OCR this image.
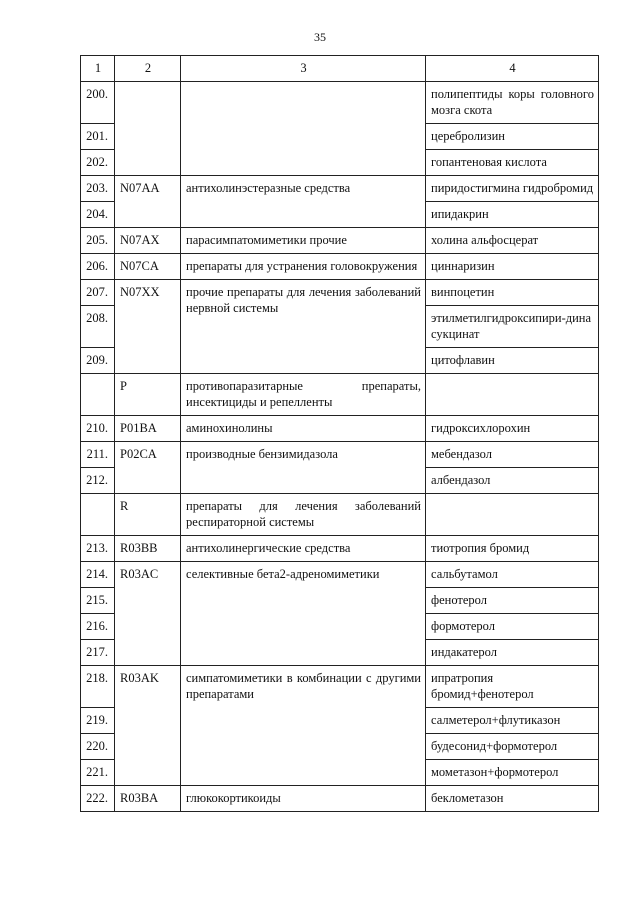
35
1	2	3	4
200.			полипептиды коры головного мозга скота
201.			церебролизин
202.			гопантеновая кислота
203.	N07AA	антихолинэстеразные средства	пиридостигмина гидробромид
204.			ипидакрин
205.	N07AX	парасимпатомиметики прочие	холина альфосцерат
206.	N07CA	препараты для устранения головокружения	циннаризин
207.	N07XX	прочие препараты для лечения заболеваний нервной системы	винпоцетин
208.			этилметилгидроксипири-дина сукцинат
209.			цитофлавин
	P	противопаразитарные препараты, инсектициды и репелленты	
210.	P01BA	аминохинолины	гидроксихлорохин
211.	P02CA	производные бензимидазола	мебендазол
212.			албендазол
	R	препараты для лечения заболеваний респираторной системы	
213.	R03BB	антихолинергические средства	тиотропия бромид
214.	R03AC	селективные бета2-адреномиметики	сальбутамол
215.			фенотерол
216.			формотерол
217.			индакатерол
218.	R03AK	симпатомиметики в комбинации с другими препаратами	ипратропия бромид+фенотерол
219.			салметерол+флутиказон
220.			будесонид+формотерол
221.			мометазон+формотерол
222.	R03BA	глюкокортикоиды	беклометазон
